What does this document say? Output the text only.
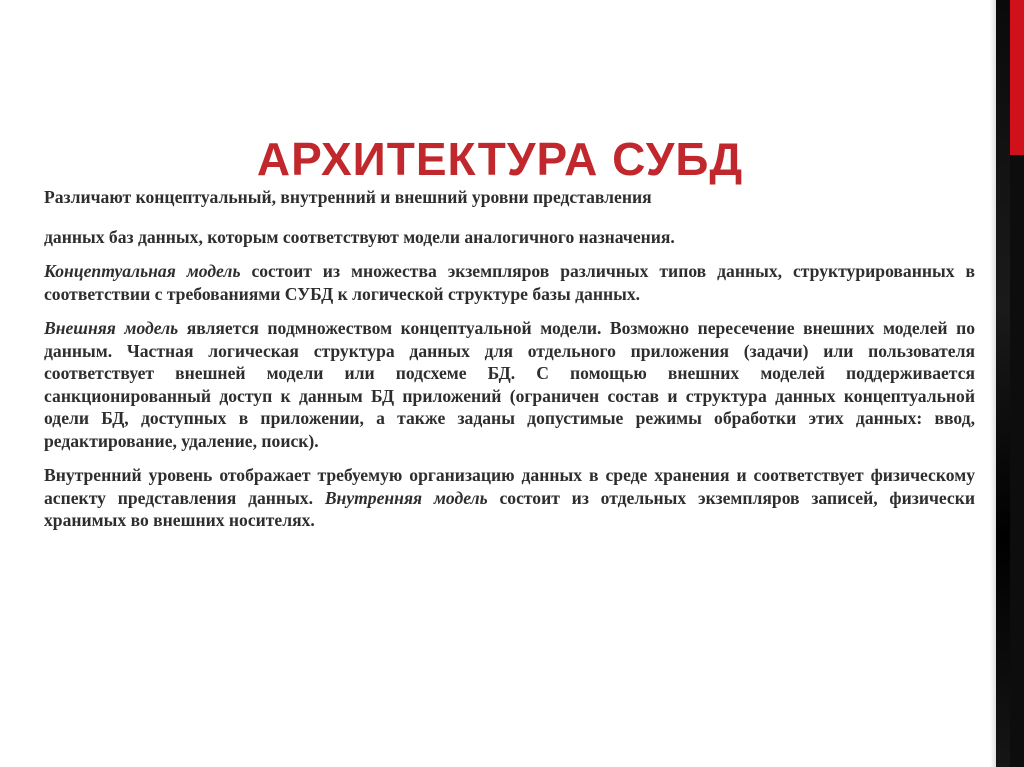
АРХИТЕКТУРА СУБД

Различают концептуальный, внутренний и внешний уровни представления

данных баз данных, которым соответствуют модели аналогичного назначения.

Концептуальная модель состоит из множества экземпляров различных типов данных, структурированных в соответствии с требованиями СУБД к логической структуре базы данных.

Внешняя модель является подмножеством концептуальной модели. Возможно пересечение внешних моделей по данным. Частная логическая структура данных для отдельного приложения (задачи) или пользователя соответствует внешней модели или подсхеме БД. С помощью внешних моделей поддерживается санкционированный доступ к данным БД приложений (ограничен состав и структура данных концептуальной одели БД, доступных в приложении, а также заданы допустимые режимы обработки этих данных: ввод, редактирование, удаление, поиск).

Внутренний уровень отображает требуемую организацию данных в среде хранения и соответствует физическому аспекту представления данных. Внутренняя модель состоит из отдельных экземпляров записей, физически хранимых во внешних носителях.
